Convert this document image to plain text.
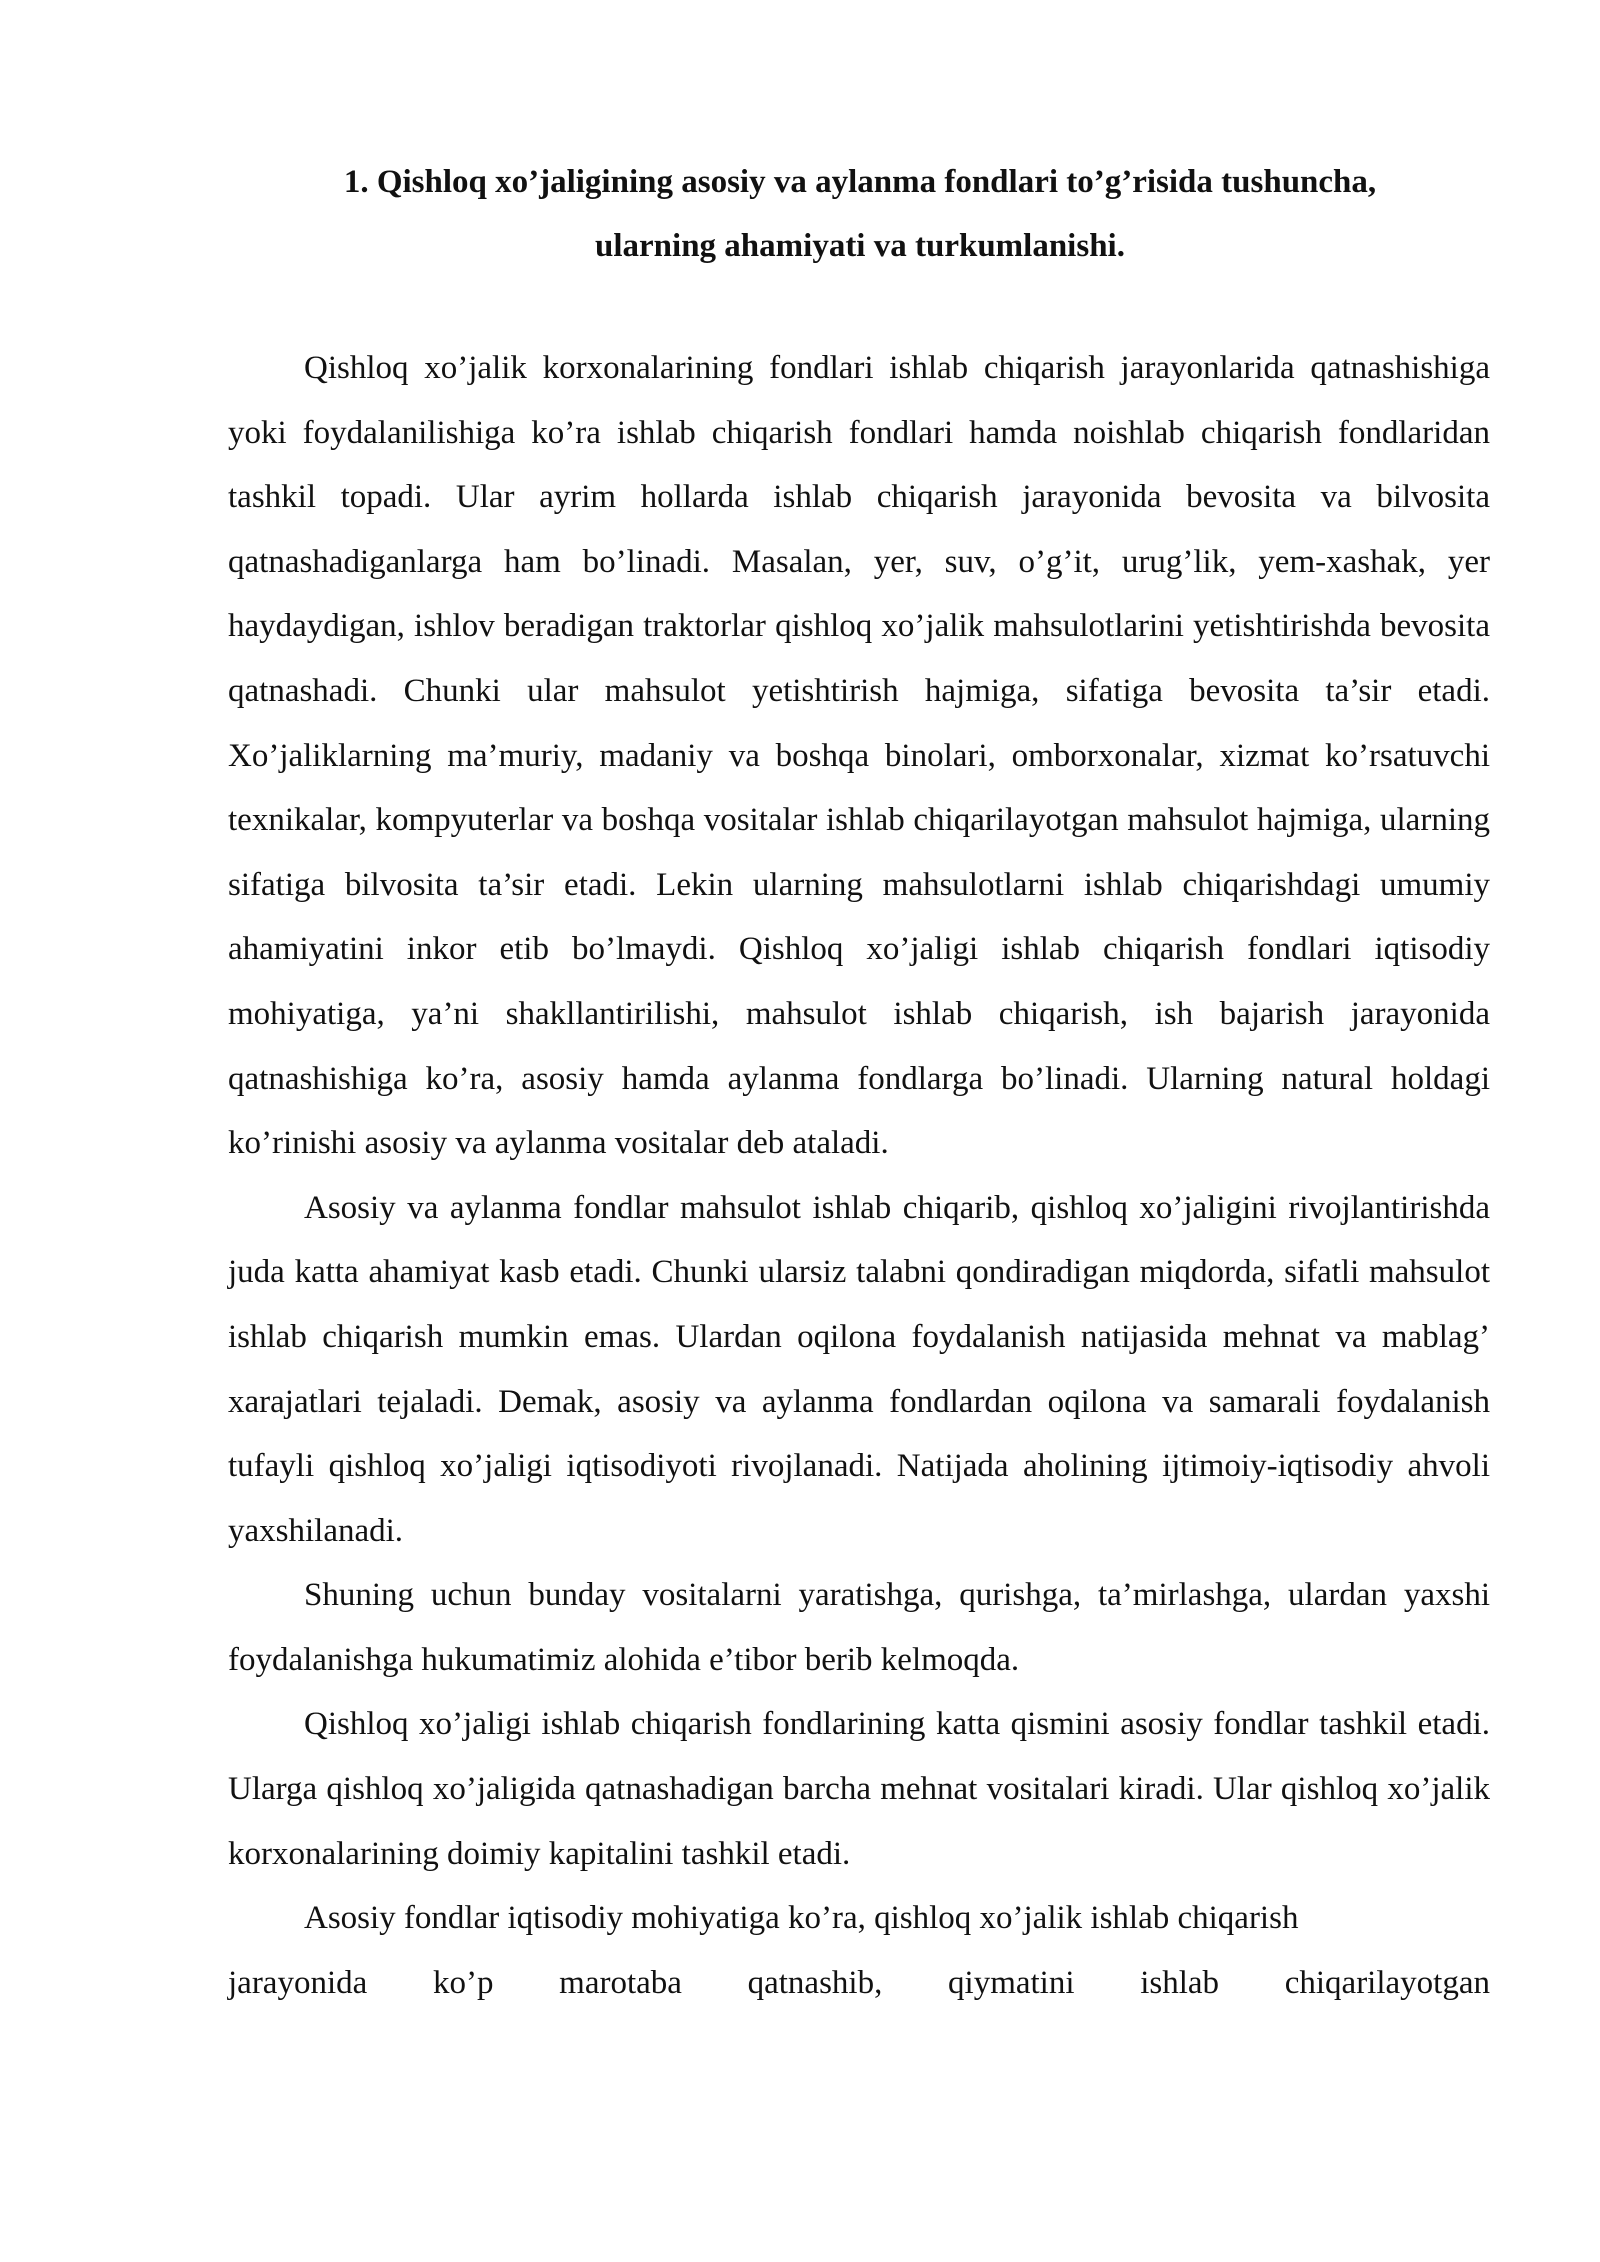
1. Qishloq xo’jaligining asosiy va aylanma fondlari to’g’risida tushuncha,
ularning ahamiyati va turkumlanishi.

Qishloq xo’jalik korxonalarining fondlari ishlab chiqarish jarayonlarida qatnashishiga yoki foydalanilishiga ko’ra ishlab chiqarish fondlari hamda noishlab chiqarish fondlaridan tashkil topadi. Ular ayrim hollarda ishlab chiqarish jarayonida bevosita va bilvosita qatnashadiganlarga ham bo’linadi. Masalan, yer, suv, o’g’it, urug’lik, yem-xashak, yer haydaydigan, ishlov beradigan traktorlar qishloq xo’jalik mahsulotlarini yetishtirishda bevosita qatnashadi. Chunki ular mahsulot yetishtirish hajmiga, sifatiga bevosita ta’sir etadi. Xo’jaliklarning ma’muriy, madaniy va boshqa binolari, omborxonalar, xizmat ko’rsatuvchi texnikalar, kompyuterlar va boshqa vositalar ishlab chiqarilayotgan mahsulot hajmiga, ularning sifatiga bilvosita ta’sir etadi. Lekin ularning mahsulotlarni ishlab chiqarishdagi umumiy ahamiyatini inkor etib bo’lmaydi. Qishloq xo’jaligi ishlab chiqarish fondlari iqtisodiy mohiyatiga, ya’ni shakllantirilishi, mahsulot ishlab chiqarish, ish bajarish jarayonida qatnashishiga ko’ra, asosiy hamda aylanma fondlarga bo’linadi. Ularning natural holdagi ko’rinishi asosiy va aylanma vositalar deb ataladi.

Asosiy va aylanma fondlar mahsulot ishlab chiqarib, qishloq xo’jaligini rivojlantirishda juda katta ahamiyat kasb etadi. Chunki ularsiz talabni qondiradigan miqdorda, sifatli mahsulot ishlab chiqarish mumkin emas. Ulardan oqilona foydalanish natijasida mehnat va mablag’ xarajatlari tejaladi. Demak, asosiy va aylanma fondlardan oqilona va samarali foydalanish tufayli qishloq xo’jaligi iqtisodiyoti rivojlanadi. Natijada aholining ijtimoiy-iqtisodiy ahvoli yaxshilanadi.

Shuning uchun bunday vositalarni yaratishga, qurishga, ta’mirlashga, ulardan yaxshi foydalanishga hukumatimiz alohida e’tibor berib kelmoqda.

Qishloq xo’jaligi ishlab chiqarish fondlarining katta qismini asosiy fondlar tashkil etadi. Ularga qishloq xo’jaligida qatnashadigan barcha mehnat vositalari kiradi. Ular qishloq xo’jalik korxonalarining doimiy kapitalini tashkil etadi.

Asosiy fondlar iqtisodiy mohiyatiga ko’ra, qishloq xo’jalik ishlab chiqarish

jarayonida ko’p marotaba qatnashib, qiymatini ishlab chiqarilayotgan
